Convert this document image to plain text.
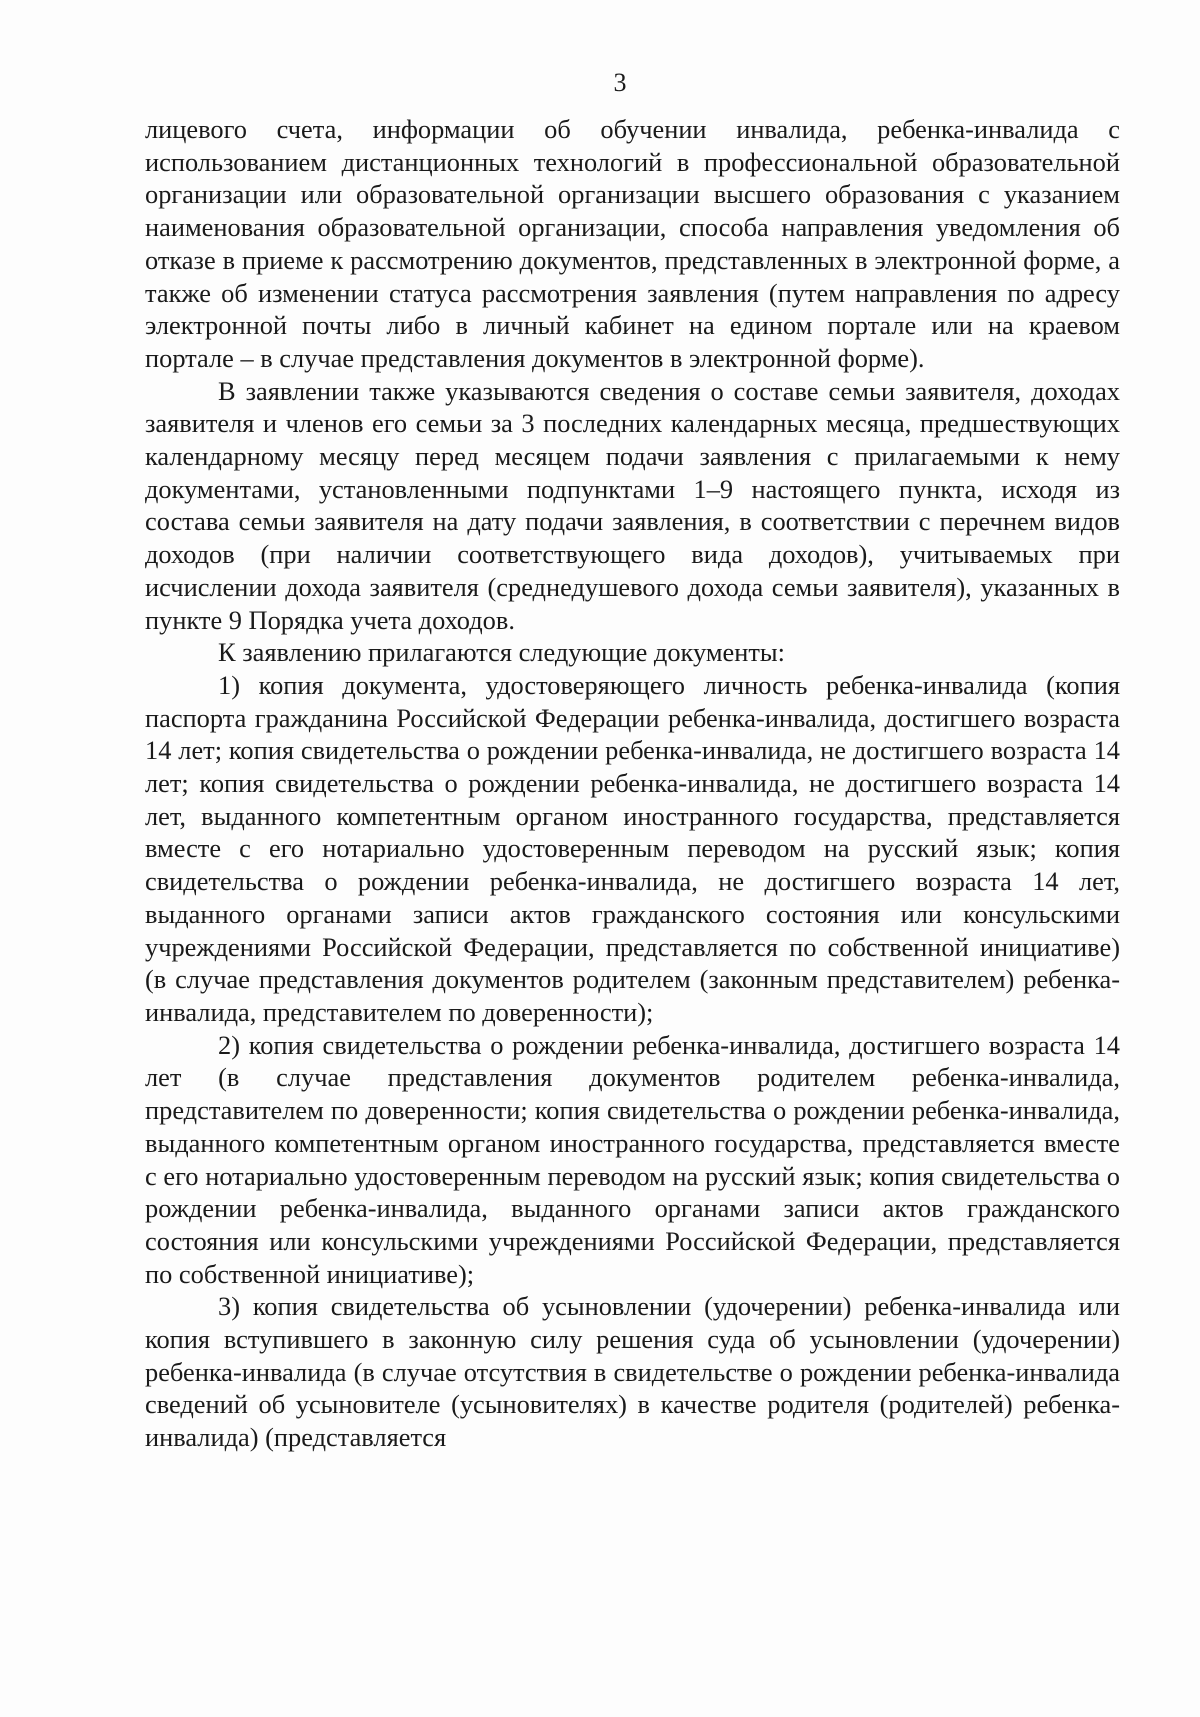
3

лицевого счета, информации об обучении инвалида, ребенка-инвалида с использованием дистанционных технологий в профессиональной образовательной организации или образовательной организации высшего образования с указанием наименования образовательной организации, способа направления уведомления об отказе в приеме к рассмотрению документов, представленных в электронной форме, а также об изменении статуса рассмотрения заявления (путем направления по адресу электронной почты либо в личный кабинет на едином портале или на краевом портале – в случае представления документов в электронной форме).

В заявлении также указываются сведения о составе семьи заявителя, доходах заявителя и членов его семьи за 3 последних календарных месяца, предшествующих календарному месяцу перед месяцем подачи заявления с прилагаемыми к нему документами, установленными подпунктами 1–9 настоящего пункта, исходя из состава семьи заявителя на дату подачи заявления, в соответствии с перечнем видов доходов (при наличии соответствующего вида доходов), учитываемых при исчислении дохода заявителя (среднедушевого дохода семьи заявителя), указанных в пункте 9 Порядка учета доходов.

К заявлению прилагаются следующие документы:

1) копия документа, удостоверяющего личность ребенка-инвалида (копия паспорта гражданина Российской Федерации ребенка-инвалида, достигшего возраста 14 лет; копия свидетельства о рождении ребенка-инвалида, не достигшего возраста 14 лет; копия свидетельства о рождении ребенка-инвалида, не достигшего возраста 14 лет, выданного компетентным органом иностранного государства, представляется вместе с его нотариально удостоверенным переводом на русский язык; копия свидетельства о рождении ребенка-инвалида, не достигшего возраста 14 лет, выданного органами записи актов гражданского состояния или консульскими учреждениями Российской Федерации, представляется по собственной инициативе) (в случае представления документов родителем (законным представителем) ребенка-инвалида, представителем по доверенности);

2) копия свидетельства о рождении ребенка-инвалида, достигшего возраста 14 лет (в случае представления документов родителем ребенка-инвалида, представителем по доверенности; копия свидетельства о рождении ребенка-инвалида, выданного компетентным органом иностранного государства, представляется вместе с его нотариально удостоверенным переводом на русский язык; копия свидетельства о рождении ребенка-инвалида, выданного органами записи актов гражданского состояния или консульскими учреждениями Российской Федерации, представляется по собственной инициативе);

3) копия свидетельства об усыновлении (удочерении) ребенка-инвалида или копия вступившего в законную силу решения суда об усыновлении (удочерении) ребенка-инвалида (в случае отсутствия в свидетельстве о рождении ребенка-инвалида сведений об усыновителе (усыновителях) в качестве родителя (родителей) ребенка-инвалида) (представляется
